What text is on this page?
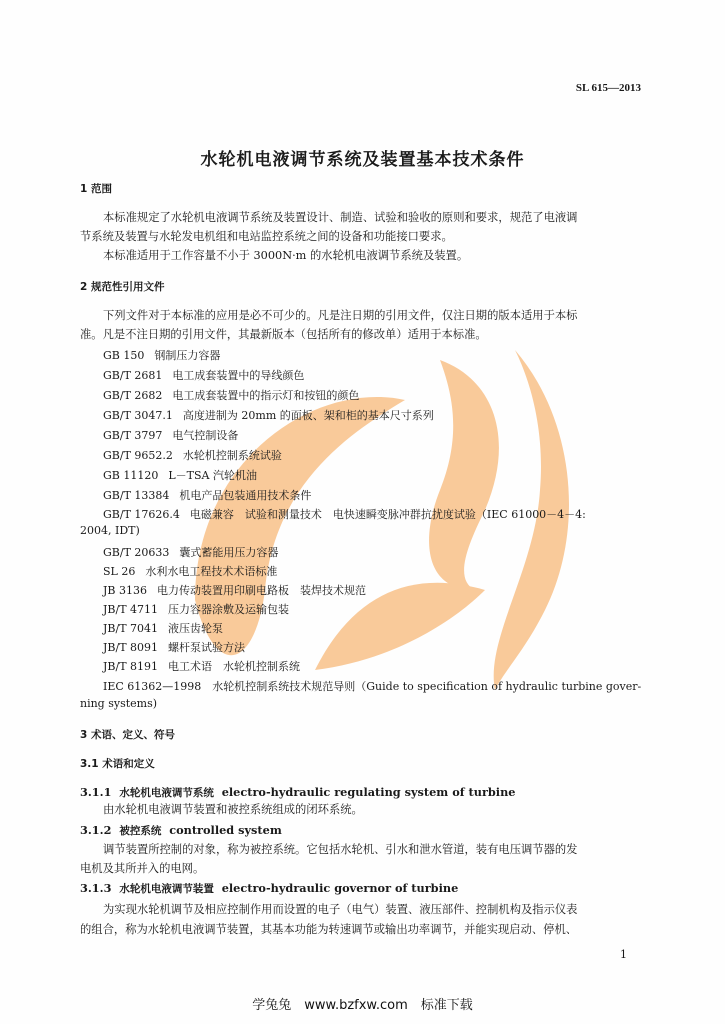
SL 615—2013
水轮机电液调节系统及装置基本技术条件
1 范围
本标准规定了水轮机电液调节系统及装置设计、制造、试验和验收的原则和要求，规范了电液调
节系统及装置与水轮发电机组和电站监控系统之间的设备和功能接口要求。
本标准适用于工作容量不小于 3000N·m 的水轮机电液调节系统及装置。
2 规范性引用文件
下列文件对于本标准的应用是必不可少的。凡是注日期的引用文件，仅注日期的版本适用于本标
准。凡是不注日期的引用文件，其最新版本（包括所有的修改单）适用于本标准。
GB 150 钢制压力容器
GB/T 2681 电工成套装置中的导线颜色
GB/T 2682 电工成套装置中的指示灯和按钮的颜色
GB/T 3047.1 高度进制为 20mm 的面板、架和柜的基本尺寸系列
GB/T 3797 电气控制设备
GB/T 9652.2 水轮机控制系统试验
GB 11120 L－TSA 汽轮机油
GB/T 13384 机电产品包装通用技术条件
GB/T 17626.4 电磁兼容　试验和测量技术　电快速瞬变脉冲群抗扰度试验（IEC 61000－4－4:
2004, IDT)
GB/T 20633 囊式蓄能用压力容器
SL 26 水利水电工程技术术语标准
JB 3136 电力传动装置用印刷电路板　装焊技术规范
JB/T 4711 压力容器涂敷及运输包装
JB/T 7041 液压齿轮泵
JB/T 8091 螺杆泵试验方法
JB/T 8191 电工术语　水轮机控制系统
IEC 61362—1998　水轮机控制系统技术规范导则（Guide to specification of hydraulic turbine gover-
ning systems)
3 术语、定义、符号
3.1 术语和定义
3.1.1 水轮机电液调节系统 electro-hydraulic regulating system of turbine
由水轮机电液调节装置和被控系统组成的闭环系统。
3.1.2 被控系统 controlled system
调节装置所控制的对象，称为被控系统。它包括水轮机、引水和泄水管道，装有电压调节器的发
电机及其所并入的电网。
3.1.3 水轮机电液调节装置 electro-hydraulic governor of turbine
为实现水轮机调节及相应控制作用而设置的电子（电气）装置、液压部件、控制机构及指示仪表
的组合，称为水轮机电液调节装置，其基本功能为转速调节或输出功率调节，并能实现启动、停机、
1
学兔兔　www.bzfxw.com　标准下载
